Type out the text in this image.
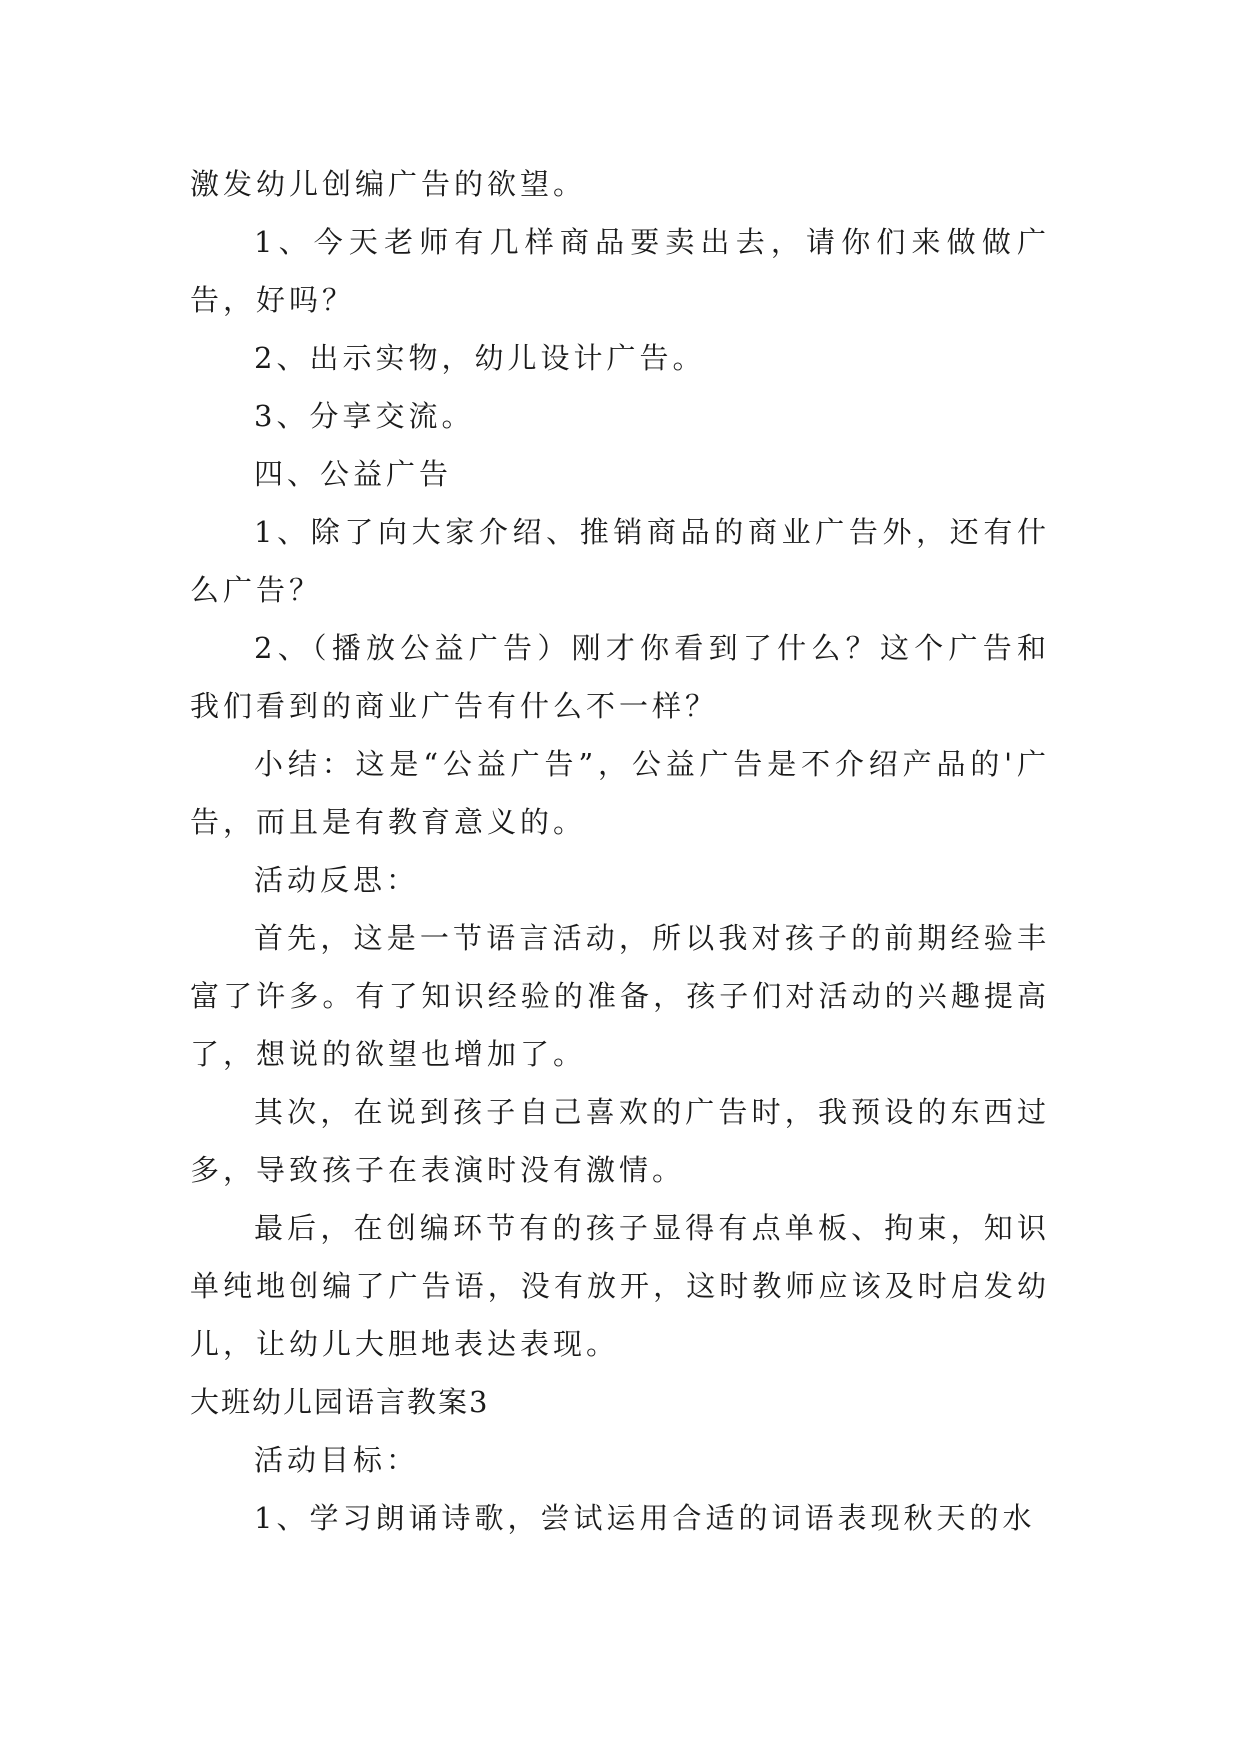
激发幼儿创编广告的欲望。

1、今天老师有几样商品要卖出去，请你们来做做广告，好吗？

2、出示实物，幼儿设计广告。

3、分享交流。

四、公益广告

1、除了向大家介绍、推销商品的商业广告外，还有什么广告？

2、（播放公益广告）刚才你看到了什么？这个广告和我们看到的商业广告有什么不一样？

小结：这是“公益广告”，公益广告是不介绍产品的'广告，而且是有教育意义的。

活动反思：

首先，这是一节语言活动，所以我对孩子的前期经验丰富了许多。有了知识经验的准备，孩子们对活动的兴趣提高了，想说的欲望也增加了。

其次，在说到孩子自己喜欢的广告时，我预设的东西过多，导致孩子在表演时没有激情。

最后，在创编环节有的孩子显得有点单板、拘束，知识单纯地创编了广告语，没有放开，这时教师应该及时启发幼儿，让幼儿大胆地表达表现。

大班幼儿园语言教案3

活动目标：

1、学习朗诵诗歌，尝试运用合适的词语表现秋天的水
